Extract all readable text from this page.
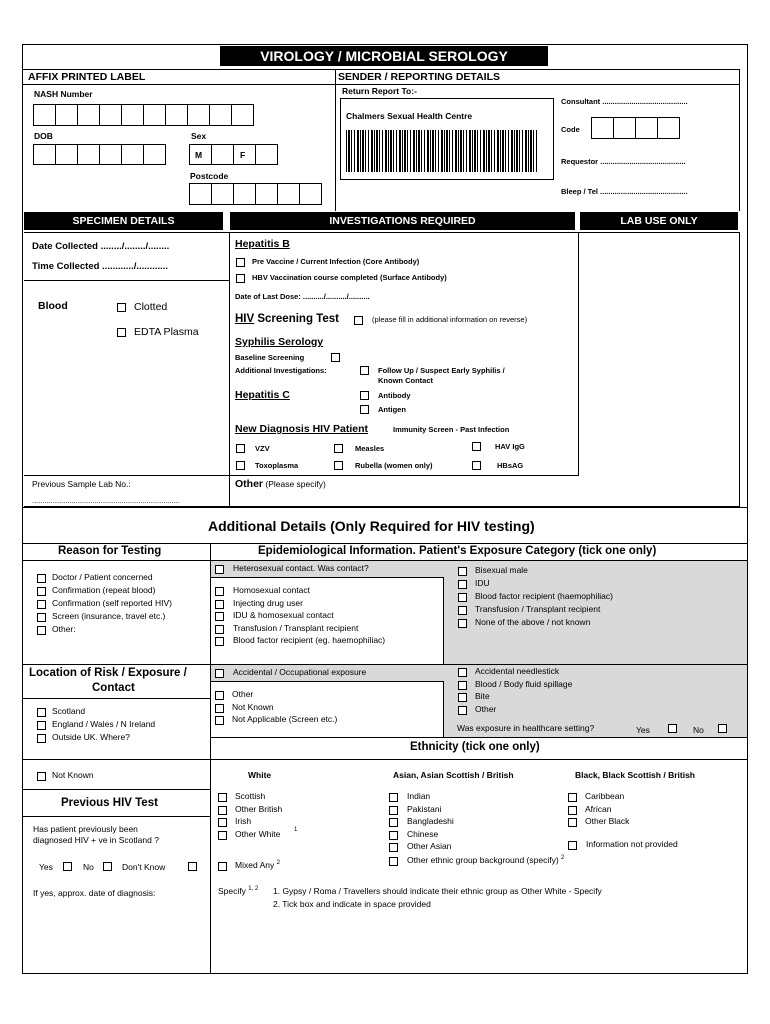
VIROLOGY / MICROBIAL SEROLOGY
AFFIX PRINTED LABEL	SENDER / REPORTING DETAILS
NASH Number
DOB	Sex
M	F
Postcode
Return Report To:-
Chalmers Sexual Health Centre
Consultant .........................................
Code
Requestor .........................................
Bleep / Tel ..........................................
SPECIMEN DETAILS	INVESTIGATIONS REQUIRED	LAB USE ONLY
Date Collected ......../......../........
Time Collected ............/............
Blood	Clotted
EDTA Plasma
Previous Sample Lab No.:
.......................................................................
Hepatitis B
Pre Vaccine / Current Infection (Core Antibody)
HBV Vaccination course completed (Surface Antibody)
Date of Last Dose: ........../........../..........
HIV Screening Test	(please fill in additional information on reverse)
Syphilis Serology
Baseline Screening
Additional Investigations:	Follow Up / Suspect Early Syphilis /
Known Contact
Hepatitis C	Antibody
Antigen
New Diagnosis HIV Patient	Immunity Screen - Past Infection
VZV	Measles	HAV IgG
Toxoplasma	Rubella (women only)	HBsAG
Other (Please specify)
Additional Details (Only Required for HIV testing)
Reason for Testing	Epidemiological Information. Patient's Exposure Category (tick one only)
Doctor / Patient concerned
Confirmation (repeat blood)
Confirmation (self reported HIV)
Screen (insurance, travel etc.)
Other:
Heterosexual contact. Was contact?
Homosexual contact
Injecting drug user
IDU & homosexual contact
Transfusion / Transplant recipient
Blood factor recipient (eg. haemophiliac)
Bisexual male
IDU
Blood factor recipient (haemophiliac)
Transfusion / Transplant recipient
None of the above / not known
Location of Risk / Exposure /
Contact
Scotland
England / Wales / N Ireland
Outside UK. Where?
Accidental / Occupational exposure
Other
Not Known
Not Applicable (Screen etc.)
Accidental needlestick
Blood / Body fluid spillage
Bite
Other
Was exposure in healthcare setting?	Yes	No
Ethnicity (tick one only)
Not Known
Previous HIV Test
Has patient previously been
diagnosed HIV + ve in Scotland ?
Yes	No	Don't Know
If yes, approx. date of diagnosis:
White	Asian, Asian Scottish / British	Black, Black Scottish / British
Scottish
Other British
Irish
Other White
Indian
Pakistani
Bangladeshi
Chinese
Other Asian
Caribbean
African
Other Black
1
Other ethnic group background (specify) $^2$
Information not provided
Mixed Any $^2$
Specify $^{1, 2}$ 1. Gypsy / Roma / Travellers should indicate their ethnic group as Other White - Specify
2. Tick box and indicate in space provided
